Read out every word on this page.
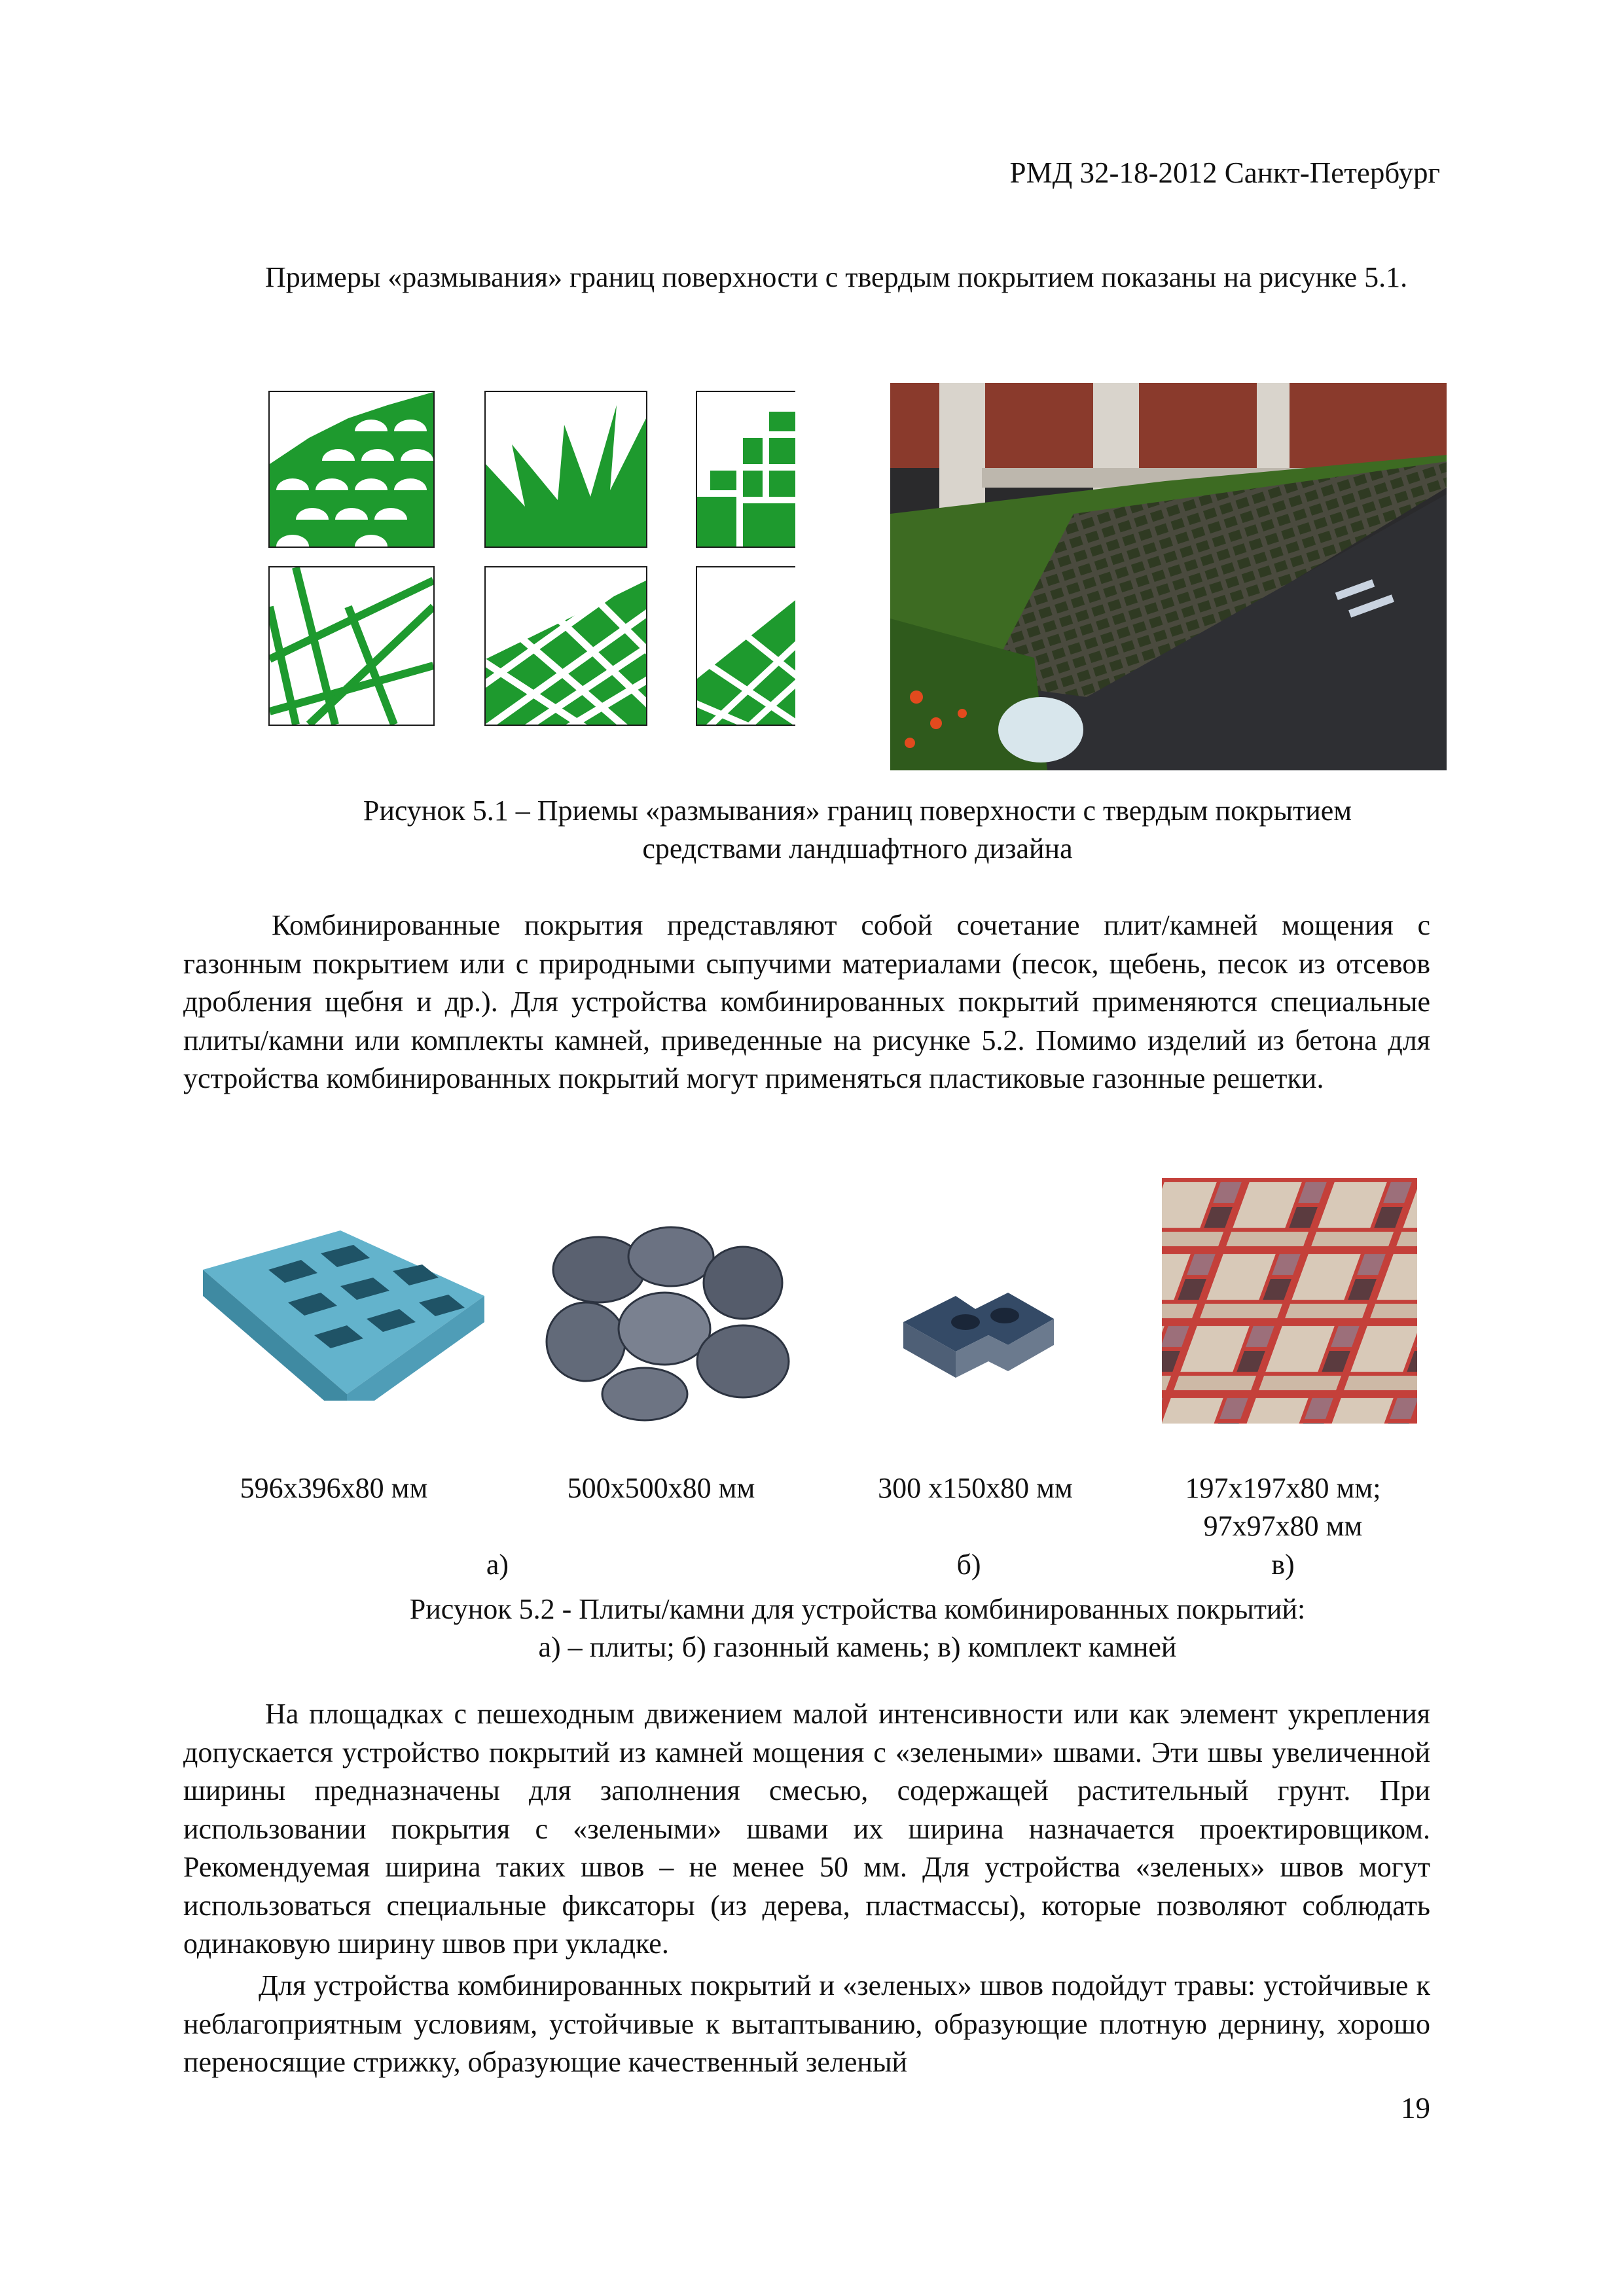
РМД 32-18-2012 Санкт-Петербург
Примеры «размывания» границ поверхности с твердым покрытием показаны на рисунке 5.1.
Рисунок 5.1 – Приемы «размывания» границ поверхности с твердым покрытием
средствами ландшафтного дизайна
Комбинированные покрытия представляют собой сочетание плит/камней мощения с газонным покрытием или с природными сыпучими материалами (песок, щебень, песок из отсевов дробления щебня и др.). Для устройства комбинированных покрытий применяются специальные плиты/камни или комплекты камней, приведенные на рисунке 5.2. Помимо изделий из бетона для устройства комбинированных покрытий могут применяться пластиковые газонные решетки.
596х396х80 мм	500х500х80 мм	300 х150х80 мм	197х197х80 мм;
97х97х80 мм
а)	б)	в)
Рисунок 5.2 - Плиты/камни для устройства комбинированных покрытий:
а) – плиты; б) газонный камень; в) комплект камней
На площадках с пешеходным движением малой интенсивности или как элемент укрепления допускается устройство покрытий из камней мощения с «зелеными» швами. Эти швы увеличенной ширины предназначены для заполнения смесью, содержащей растительный грунт. При использовании покрытия с «зелеными» швами их ширина назначается проектировщиком. Рекомендуемая ширина таких швов – не менее 50 мм. Для устройства «зеленых» швов могут использоваться специальные фиксаторы (из дерева, пластмассы), которые позволяют соблюдать одинаковую ширину швов при укладке.
Для устройства комбинированных покрытий и «зеленых» швов подойдут травы: устойчивые к неблагоприятным условиям, устойчивые к вытаптыванию, образующие плотную дернину, хорошо переносящие стрижку, образующие качественный зеленый
19
